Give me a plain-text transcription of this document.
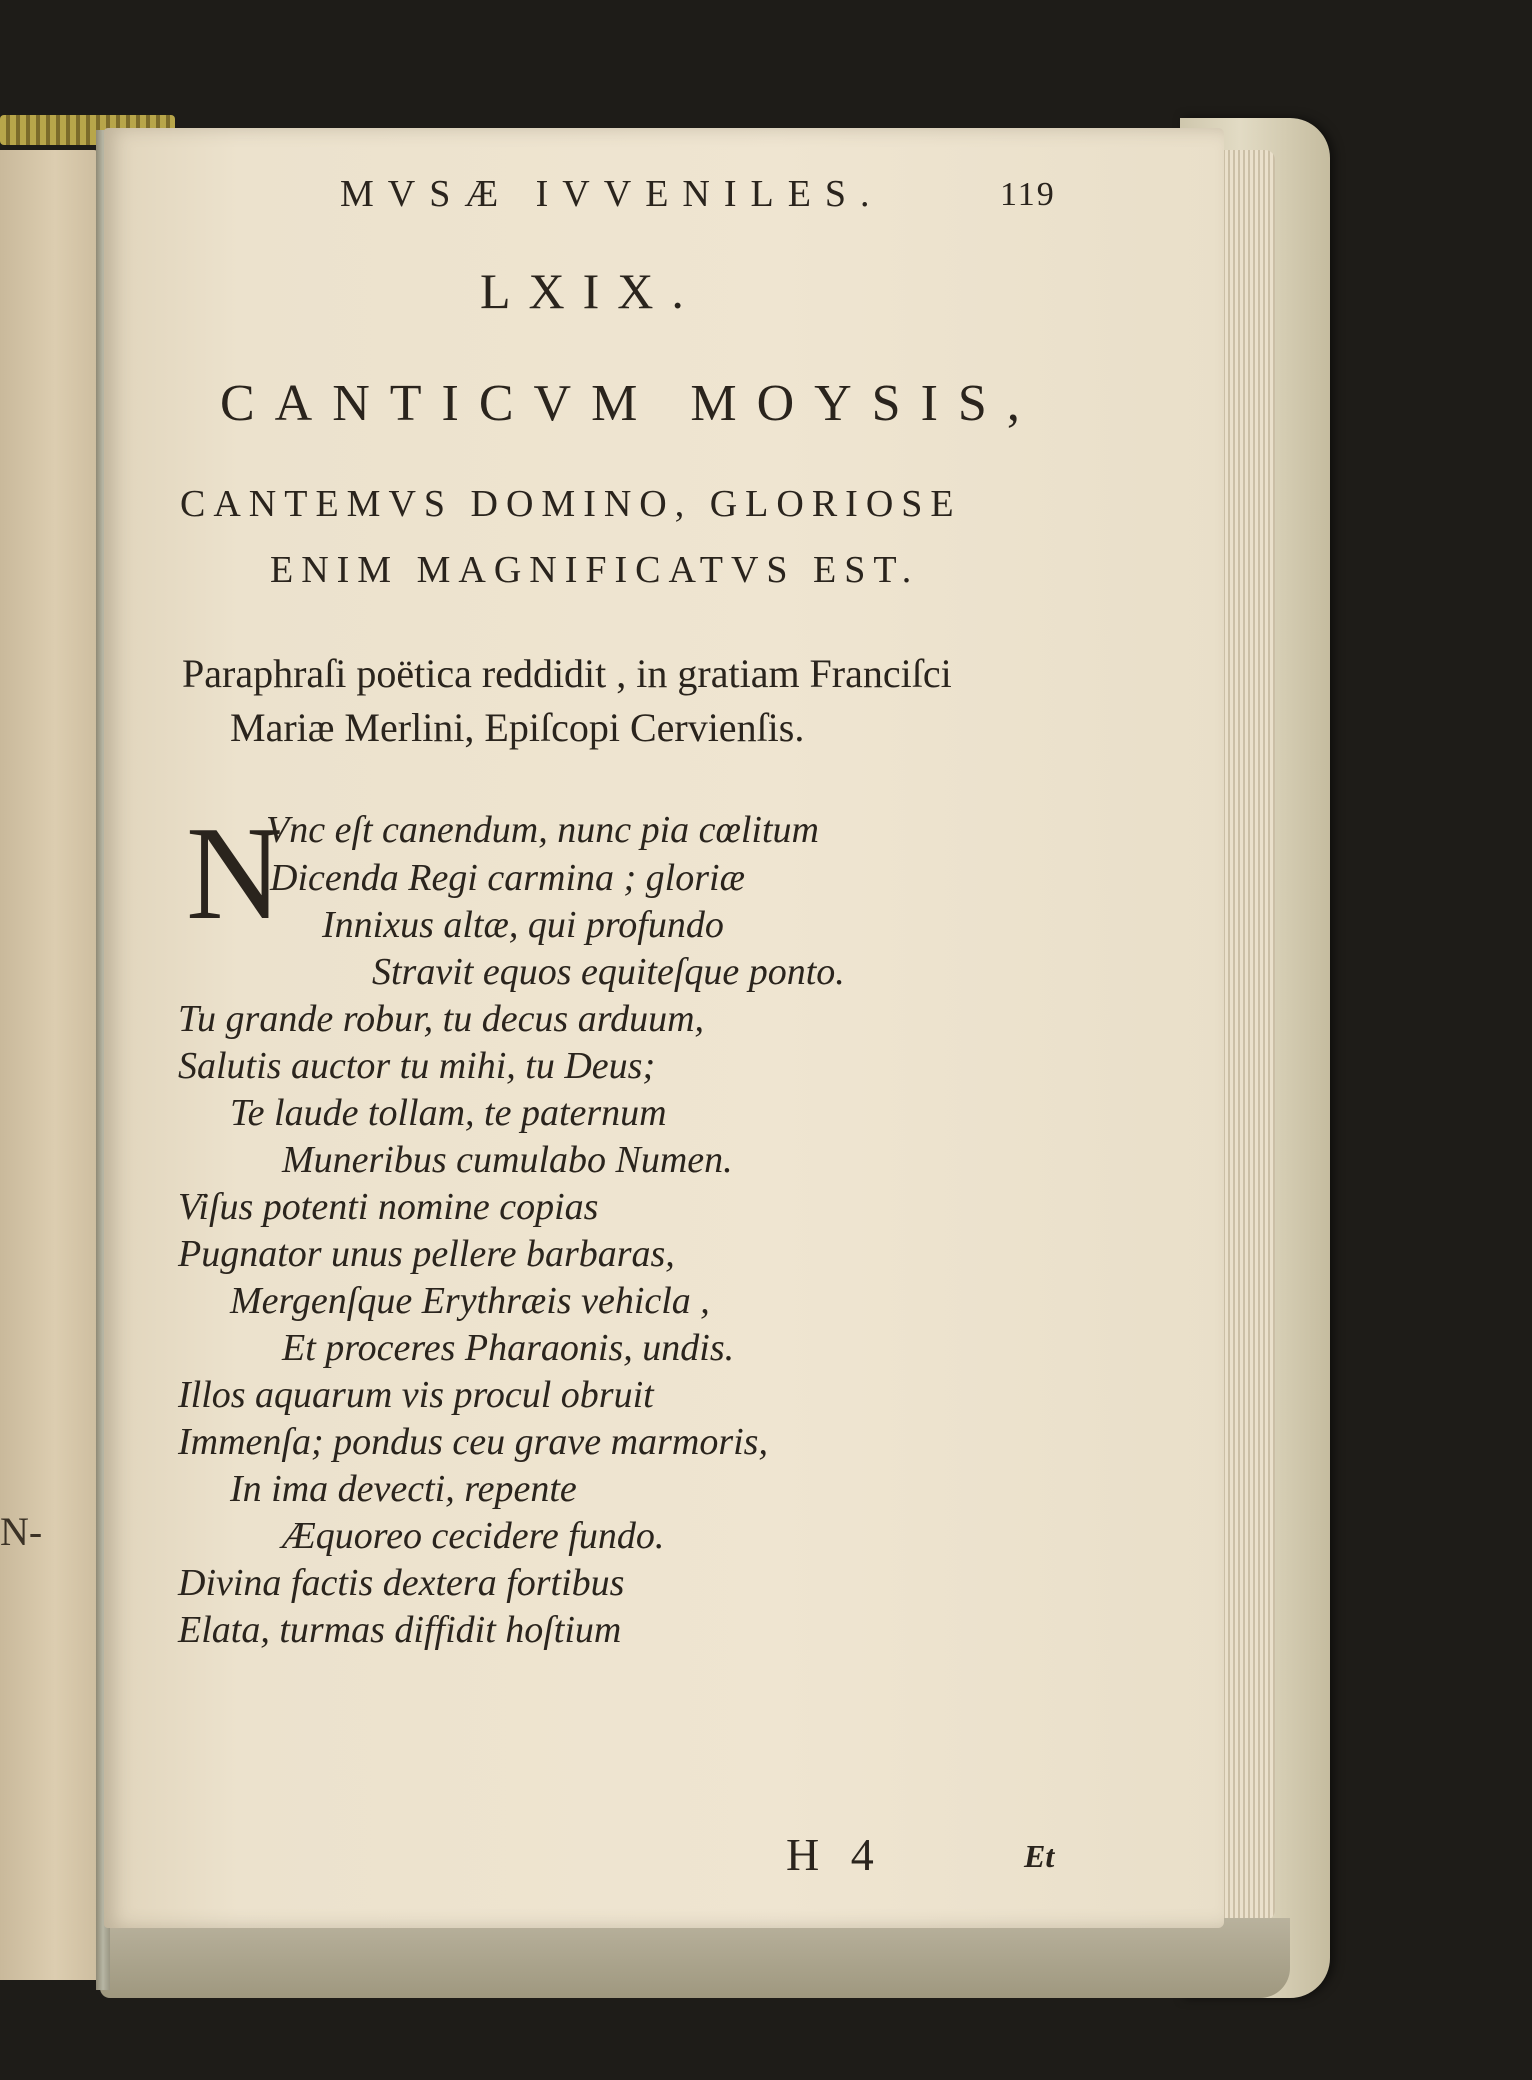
N-
MVSÆ IVVENILES.	119
LXIX.
CANTICVM MOYSIS,
CANTEMVS DOMINO, GLORIOSE
ENIM MAGNIFICATVS EST.
Paraphraſi poëtica reddidit , in gratiam Franciſci
Mariæ Merlini, Epiſcopi Cervienſis.
N
Vnc eſt canendum, nunc pia cœlitum
Dicenda Regi carmina ; gloriæ
Innixus altæ, qui profundo
Stravit equos equiteſque ponto.
Tu grande robur, tu decus arduum,
Salutis auctor tu mihi, tu Deus;
Te laude tollam, te paternum
Muneribus cumulabo Numen.
Viſus potenti nomine copias
Pugnator unus pellere barbaras,
Mergenſque Erythræis vehicla ,
Et proceres Pharaonis, undis.
Illos aquarum vis procul obruit
Immenſa; pondus ceu grave marmoris,
In ima devecti, repente
Æquoreo cecidere fundo.
Divina factis dextera fortibus
Elata, turmas diffidit hoſtium
H 4	Et
